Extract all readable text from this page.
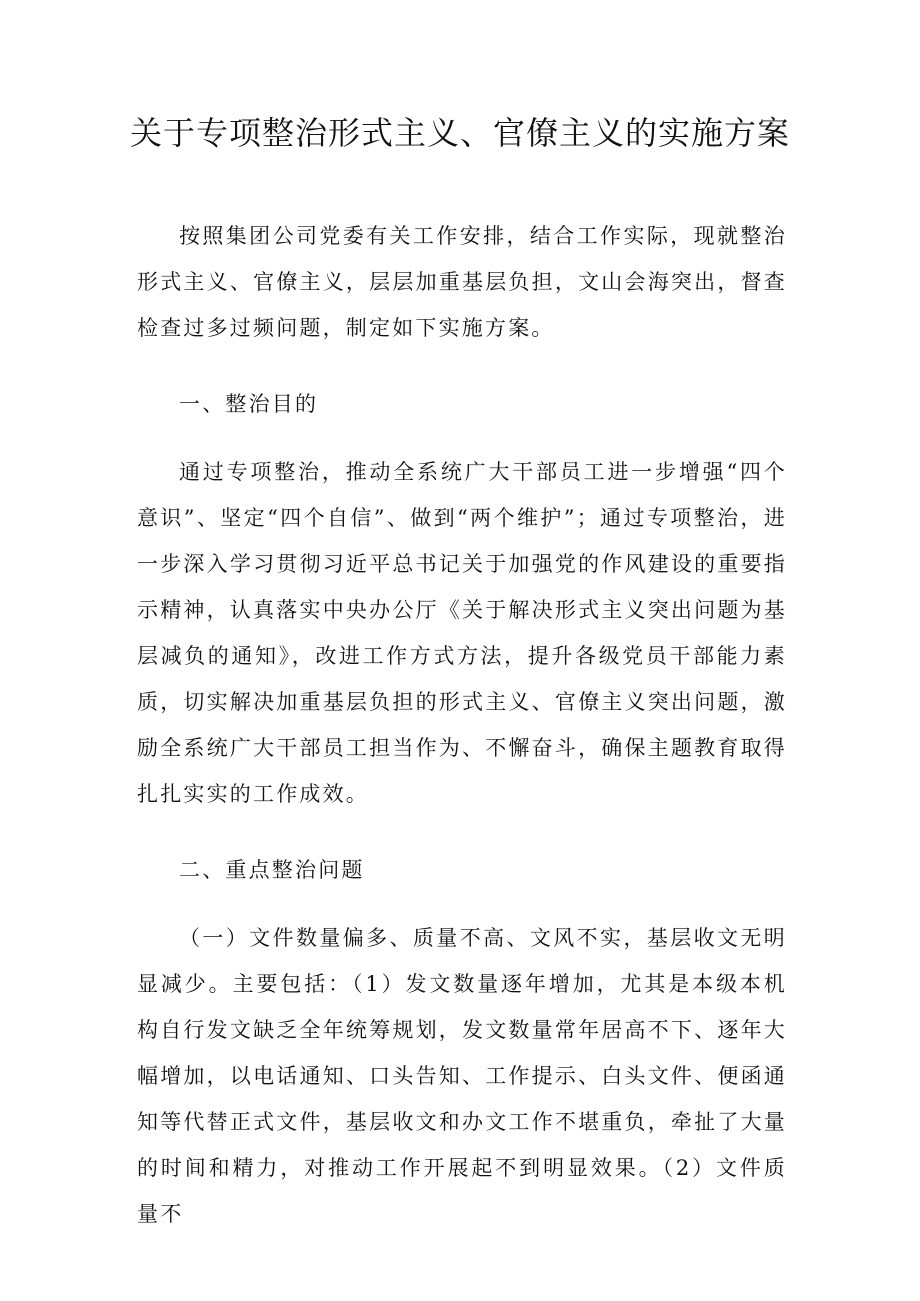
关于专项整治形式主义、官僚主义的实施方案

按照集团公司党委有关工作安排，结合工作实际，现就整治形式主义、官僚主义，层层加重基层负担，文山会海突出，督查检查过多过频问题，制定如下实施方案。

一、整治目的

通过专项整治，推动全系统广大干部员工进一步增强“四个意识”、坚定“四个自信”、做到“两个维护”；通过专项整治，进一步深入学习贯彻习近平总书记关于加强党的作风建设的重要指示精神，认真落实中央办公厅《关于解决形式主义突出问题为基层减负的通知》，改进工作方式方法，提升各级党员干部能力素质，切实解决加重基层负担的形式主义、官僚主义突出问题，激励全系统广大干部员工担当作为、不懈奋斗，确保主题教育取得扎扎实实的工作成效。

二、重点整治问题

（一）文件数量偏多、质量不高、文风不实，基层收文无明显减少。主要包括：（1）发文数量逐年增加，尤其是本级本机构自行发文缺乏全年统筹规划，发文数量常年居高不下、逐年大幅增加，以电话通知、口头告知、工作提示、白头文件、便函通知等代替正式文件，基层收文和办文工作不堪重负，牵扯了大量的时间和精力，对推动工作开展起不到明显效果。（2）文件质量不
